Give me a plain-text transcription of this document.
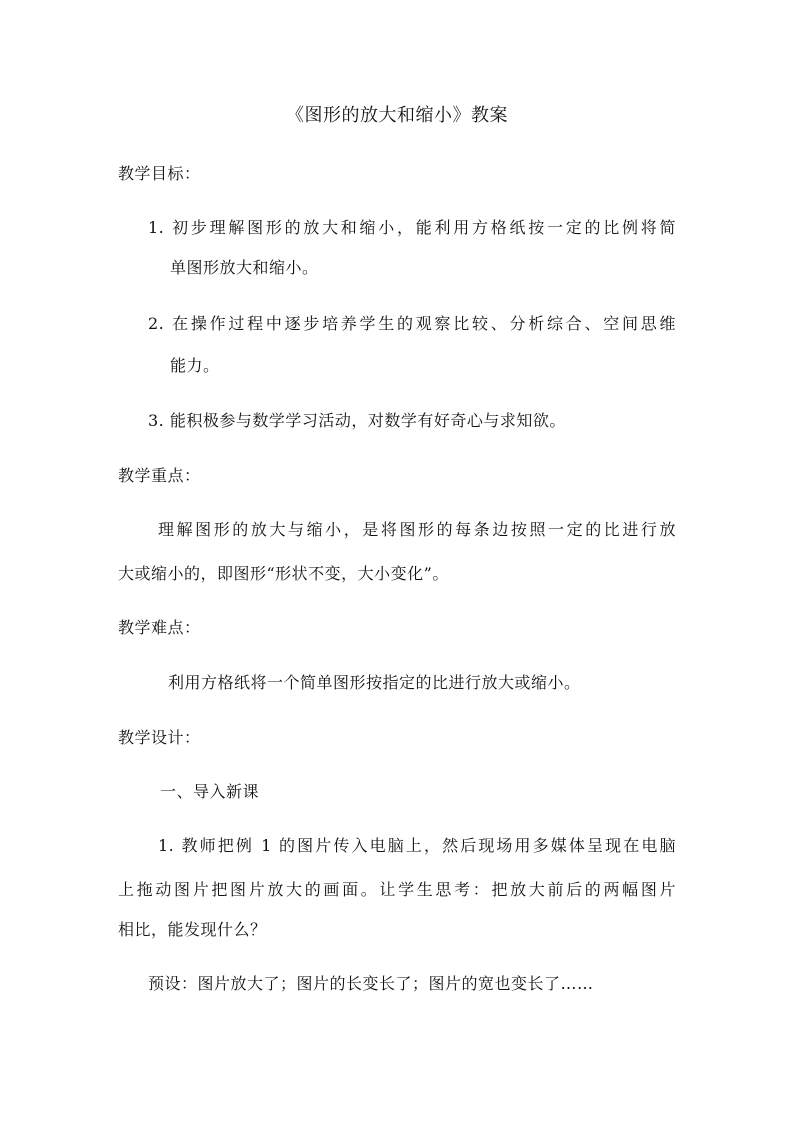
《图形的放大和缩小》教案
教学目标：
1. 初步理解图形的放大和缩小，能利用方格纸按一定的比例将简
单图形放大和缩小。
2. 在操作过程中逐步培养学生的观察比较、分析综合、空间思维
能力。
3. 能积极参与数学学习活动，对数学有好奇心与求知欲。
教学重点：
理解图形的放大与缩小，是将图形的每条边按照一定的比进行放
大或缩小的，即图形“形状不变，大小变化”。
教学难点：
利用方格纸将一个简单图形按指定的比进行放大或缩小。
教学设计：
一、导入新课
1. 教师把例 1 的图片传入电脑上，然后现场用多媒体呈现在电脑
上拖动图片把图片放大的画面。让学生思考：把放大前后的两幅图片
相比，能发现什么？
预设：图片放大了；图片的长变长了；图片的宽也变长了……
